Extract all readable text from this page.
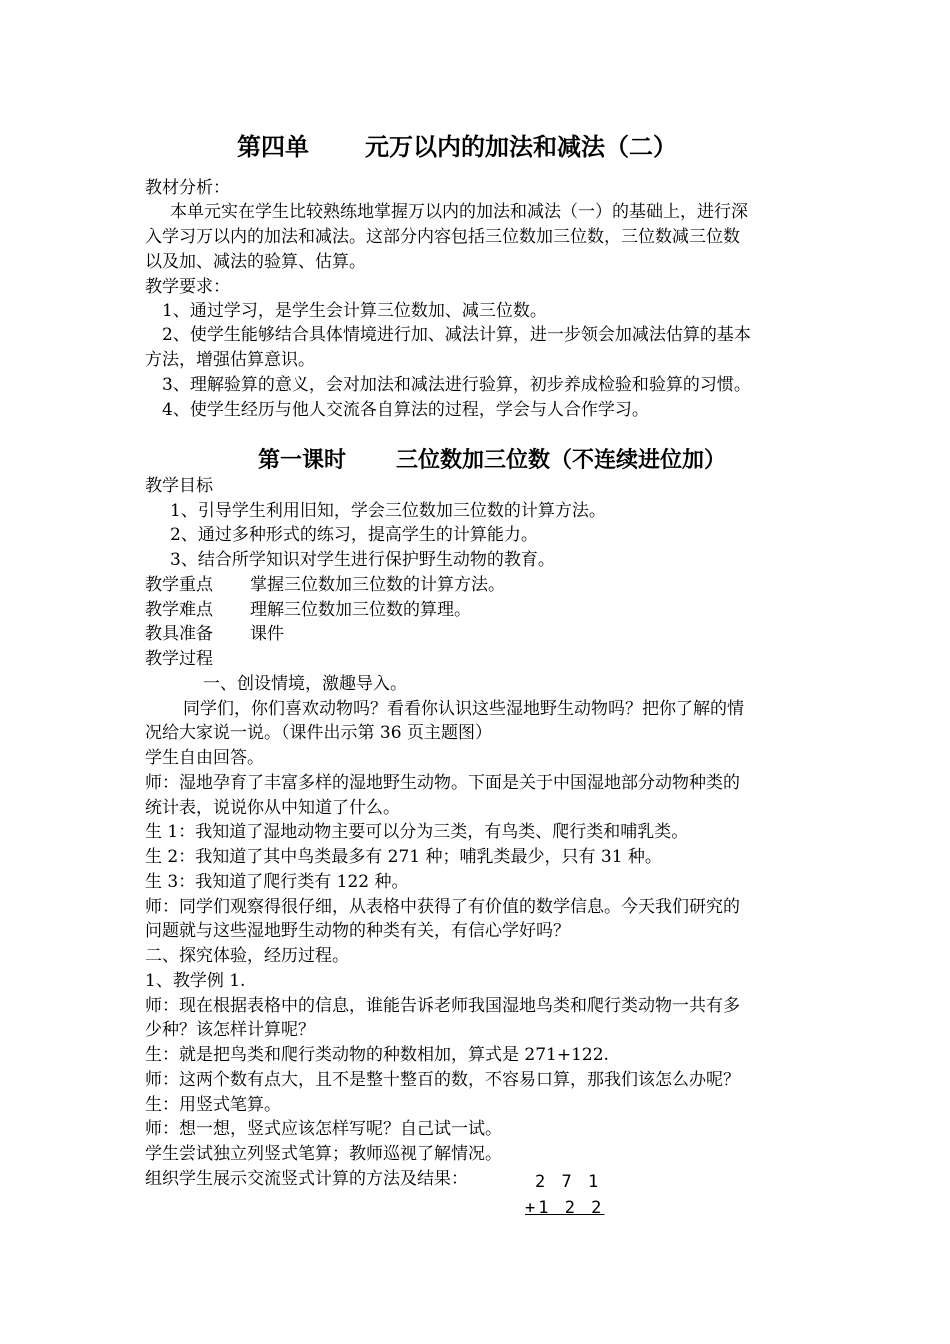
第四单 元万以内的加法和减法（二）
教材分析：
本单元实在学生比较熟练地掌握万以内的加法和减法（一）的基础上，进行深
入学习万以内的加法和减法。这部分内容包括三位数加三位数，三位数减三位数
以及加、减法的验算、估算。
教学要求：
1、通过学习，是学生会计算三位数加、减三位数。
2、使学生能够结合具体情境进行加、减法计算，进一步领会加减法估算的基本
方法，增强估算意识。
3、理解验算的意义，会对加法和减法进行验算，初步养成检验和验算的习惯。
4、使学生经历与他人交流各自算法的过程，学会与人合作学习。
第一课时 三位数加三位数（不连续进位加）
教学目标
1、引导学生利用旧知，学会三位数加三位数的计算方法。
2、通过多种形式的练习，提高学生的计算能力。
3、结合所学知识对学生进行保护野生动物的教育。
教学重点 掌握三位数加三位数的计算方法。
教学难点 理解三位数加三位数的算理。
教具准备 课件
教学过程
一、创设情境，激趣导入。
同学们，你们喜欢动物吗？看看你认识这些湿地野生动物吗？把你了解的情
况给大家说一说。（课件出示第 36 页主题图）
学生自由回答。
师：湿地孕育了丰富多样的湿地野生动物。下面是关于中国湿地部分动物种类的
统计表，说说你从中知道了什么。
生 1：我知道了湿地动物主要可以分为三类，有鸟类、爬行类和哺乳类。
生 2：我知道了其中鸟类最多有 271 种；哺乳类最少，只有 31 种。
生 3：我知道了爬行类有 122 种。
师：同学们观察得很仔细，从表格中获得了有价值的数学信息。今天我们研究的
问题就与这些湿地野生动物的种类有关，有信心学好吗？
二、探究体验，经历过程。
1、教学例 1.
师：现在根据表格中的信息，谁能告诉老师我国湿地鸟类和爬行类动物一共有多
少种？该怎样计算呢？
生：就是把鸟类和爬行类动物的种数相加，算式是 271+122.
师：这两个数有点大，且不是整十整百的数，不容易口算，那我们该怎么办呢？
生：用竖式笔算。
师：想一想，竖式应该怎样写呢？自己试一试。
学生尝试独立列竖式笔算；教师巡视了解情况。
组织学生展示交流竖式计算的方法及结果：	2 7 1
+1 2 2
